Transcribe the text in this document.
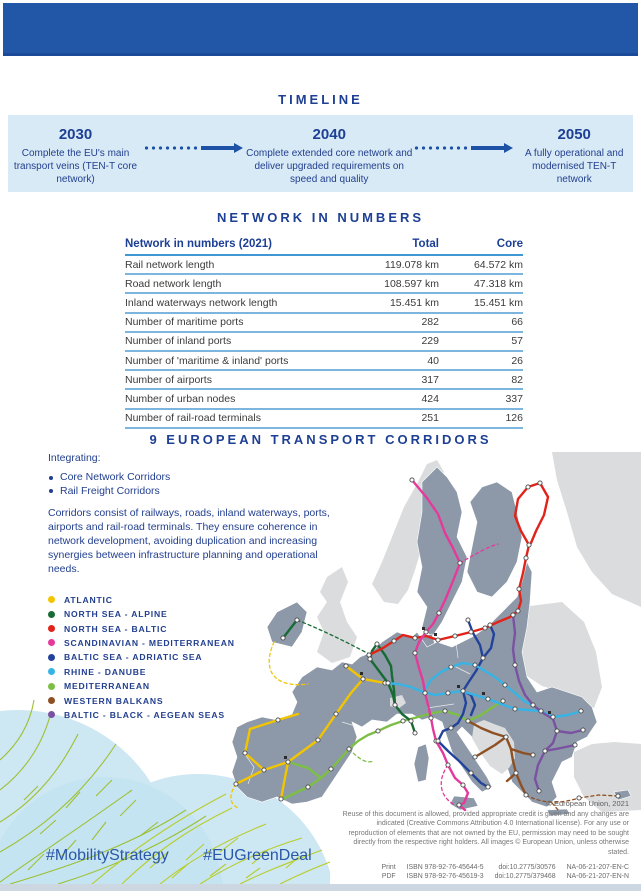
TIMELINE
2030
Complete the EU's main transport veins (TEN-T core network)
2040
Complete extended core network and deliver upgraded requirements on speed and quality
2050
A fully operational and modernised TEN-T network
NETWORK IN NUMBERS
Network in numbers (2021)	Total	Core
Rail network length	119.078 km	64.572 km
Road network length	108.597 km	47.318 km
Inland waterways network length	15.451 km	15.451 km
Number of maritime ports	282	66
Number of inland ports	229	57
Number of 'maritime & inland' ports	40	26
Number of airports	317	82
Number of urban nodes	424	337
Number of rail-road terminals	251	126
9 EUROPEAN TRANSPORT CORRIDORS
Integrating:
Core Network Corridors
Rail Freight Corridors
Corridors consist of railways, roads, inland waterways, ports, airports and rail-road terminals. They ensure coherence in network development, avoiding duplication and increasing synergies between infrastructure planning and operational needs.
ATLANTIC
NORTH SEA - ALPINE
NORTH SEA - BALTIC
SCANDINAVIAN - MEDITERRANEAN
BALTIC SEA - ADRIATIC SEA
RHINE - DANUBE
MEDITERRANEAN
WESTERN BALKANS
BALTIC - BLACK - AEGEAN SEAS
#MobilityStrategy #EUGreenDeal
© European Union, 2021
Reuse of this document is allowed, provided appropriate credit is given and any changes are indicated (Creative Commons Attribution 4.0 International license). For any use or reproduction of elements that are not owned by the EU, permission may need to be sought directly from the respective right holders. All images © European Union, unless otherwise stated.
Print ISBN 978-92-76-45644-5	doi:10.2775/30576 NA-06-21-207-EN-C
PDF ISBN 978-92-76-45619-3 doi:10.2775/379468 NA-06-21-207-EN-N
